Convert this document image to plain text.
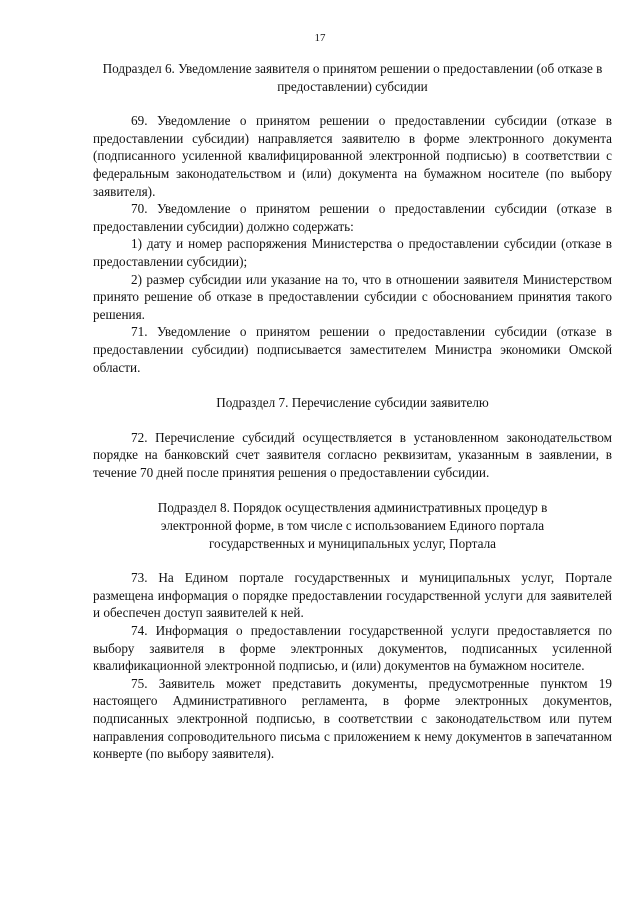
17
Подраздел 6. Уведомление заявителя о принятом решении о предоставлении (об отказе в предоставлении) субсидии
69. Уведомление о принятом решении о предоставлении субсидии (отказе в предоставлении субсидии) направляется заявителю в форме электронного документа (подписанного усиленной квалифицированной электронной подписью) в соответствии с федеральным законодательством и (или) документа на бумажном носителе (по выбору заявителя).
70. Уведомление о принятом решении о предоставлении субсидии (отказе в предоставлении субсидии) должно содержать:
1) дату и номер распоряжения Министерства о предоставлении субсидии (отказе в предоставлении субсидии);
2) размер субсидии или указание на то, что в отношении заявителя Министерством принято решение об отказе в предоставлении субсидии с обоснованием принятия такого решения.
71. Уведомление о принятом решении о предоставлении субсидии (отказе в предоставлении субсидии) подписывается заместителем Министра экономики Омской области.
Подраздел 7. Перечисление субсидии заявителю
72. Перечисление субсидий осуществляется в установленном законодательством порядке на банковский счет заявителя согласно реквизитам, указанным в заявлении, в течение 70 дней после принятия решения о предоставлении субсидии.
Подраздел 8. Порядок осуществления административных процедур в электронной форме, в том числе с использованием Единого портала государственных и муниципальных услуг, Портала
73. На Едином портале государственных и муниципальных услуг, Портале размещена информация о порядке предоставлении государственной услуги для заявителей и обеспечен доступ заявителей к ней.
74. Информация о предоставлении государственной услуги предоставляется по выбору заявителя в форме электронных документов, подписанных усиленной квалификационной электронной подписью, и (или) документов на бумажном носителе.
75. Заявитель может представить документы, предусмотренные пунктом 19 настоящего Административного регламента, в форме электронных документов, подписанных электронной подписью, в соответствии с законодательством или путем направления сопроводительного письма с приложением к нему документов в запечатанном конверте (по выбору заявителя).
